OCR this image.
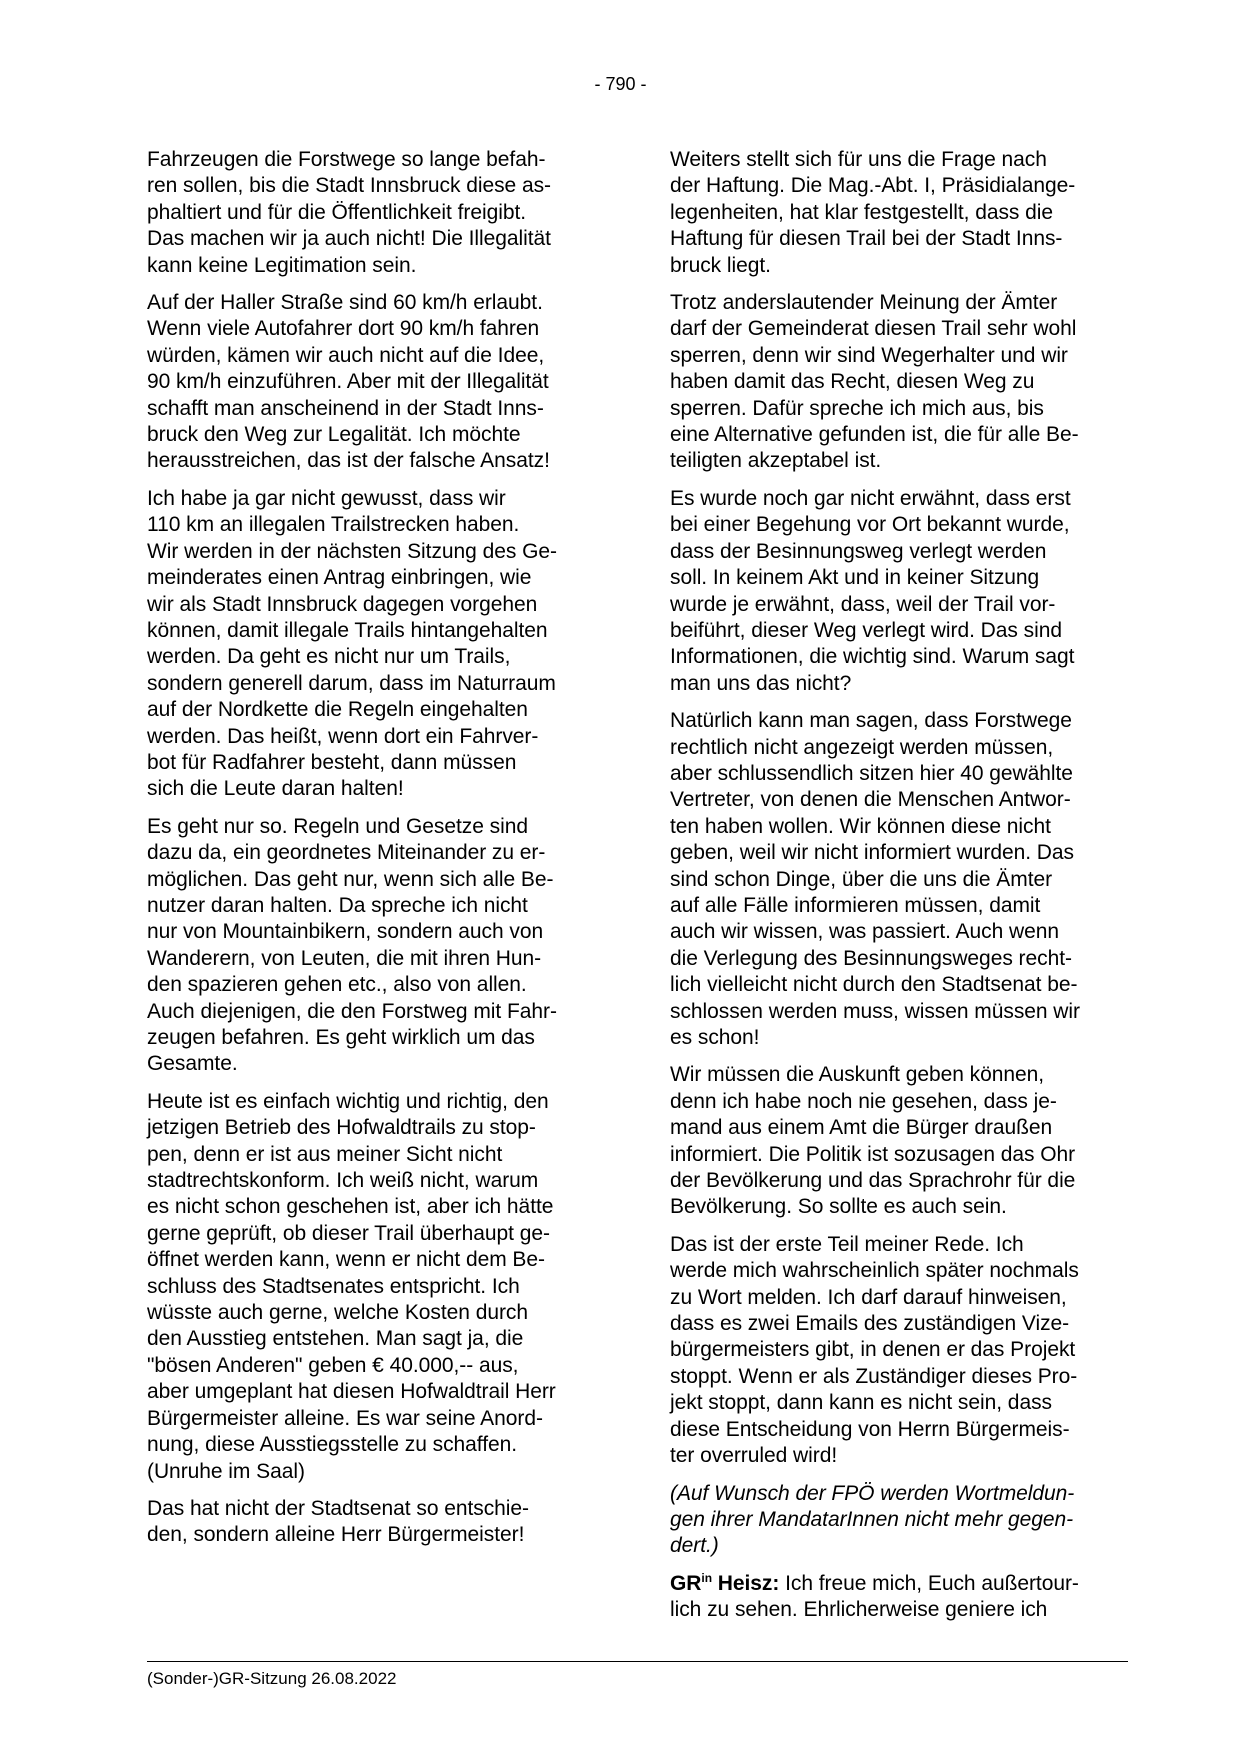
- 790 -

Fahrzeugen die Forstwege so lange befah-
ren sollen, bis die Stadt Innsbruck diese as-
phaltiert und für die Öffentlichkeit freigibt.
Das machen wir ja auch nicht! Die Illegalität
kann keine Legitimation sein.

Auf der Haller Straße sind 60 km/h erlaubt.
Wenn viele Autofahrer dort 90 km/h fahren
würden, kämen wir auch nicht auf die Idee,
90 km/h einzuführen. Aber mit der Illegalität
schafft man anscheinend in der Stadt Inns-
bruck den Weg zur Legalität. Ich möchte
herausstreichen, das ist der falsche Ansatz!

Ich habe ja gar nicht gewusst, dass wir
110 km an illegalen Trailstrecken haben.
Wir werden in der nächsten Sitzung des Ge-
meinderates einen Antrag einbringen, wie
wir als Stadt Innsbruck dagegen vorgehen
können, damit illegale Trails hintangehalten
werden. Da geht es nicht nur um Trails,
sondern generell darum, dass im Naturraum
auf der Nordkette die Regeln eingehalten
werden. Das heißt, wenn dort ein Fahrver-
bot für Radfahrer besteht, dann müssen
sich die Leute daran halten!

Es geht nur so. Regeln und Gesetze sind
dazu da, ein geordnetes Miteinander zu er-
möglichen. Das geht nur, wenn sich alle Be-
nutzer daran halten. Da spreche ich nicht
nur von Mountainbikern, sondern auch von
Wanderern, von Leuten, die mit ihren Hun-
den spazieren gehen etc., also von allen.
Auch diejenigen, die den Forstweg mit Fahr-
zeugen befahren. Es geht wirklich um das
Gesamte.

Heute ist es einfach wichtig und richtig, den
jetzigen Betrieb des Hofwaldtrails zu stop-
pen, denn er ist aus meiner Sicht nicht
stadtrechtskonform. Ich weiß nicht, warum
es nicht schon geschehen ist, aber ich hätte
gerne geprüft, ob dieser Trail überhaupt ge-
öffnet werden kann, wenn er nicht dem Be-
schluss des Stadtsenates entspricht. Ich
wüsste auch gerne, welche Kosten durch
den Ausstieg entstehen. Man sagt ja, die
"bösen Anderen" geben € 40.000,-- aus,
aber umgeplant hat diesen Hofwaldtrail Herr
Bürgermeister alleine. Es war seine Anord-
nung, diese Ausstiegsstelle zu schaffen.
(Unruhe im Saal)

Das hat nicht der Stadtsenat so entschie-
den, sondern alleine Herr Bürgermeister!

Weiters stellt sich für uns die Frage nach
der Haftung. Die Mag.-Abt. I, Präsidialange-
legenheiten, hat klar festgestellt, dass die
Haftung für diesen Trail bei der Stadt Inns-
bruck liegt.

Trotz anderslautender Meinung der Ämter
darf der Gemeinderat diesen Trail sehr wohl
sperren, denn wir sind Wegerhalter und wir
haben damit das Recht, diesen Weg zu
sperren. Dafür spreche ich mich aus, bis
eine Alternative gefunden ist, die für alle Be-
teiligten akzeptabel ist.

Es wurde noch gar nicht erwähnt, dass erst
bei einer Begehung vor Ort bekannt wurde,
dass der Besinnungsweg verlegt werden
soll. In keinem Akt und in keiner Sitzung
wurde je erwähnt, dass, weil der Trail vor-
beiführt, dieser Weg verlegt wird. Das sind
Informationen, die wichtig sind. Warum sagt
man uns das nicht?

Natürlich kann man sagen, dass Forstwege
rechtlich nicht angezeigt werden müssen,
aber schlussendlich sitzen hier 40 gewählte
Vertreter, von denen die Menschen Antwor-
ten haben wollen. Wir können diese nicht
geben, weil wir nicht informiert wurden. Das
sind schon Dinge, über die uns die Ämter
auf alle Fälle informieren müssen, damit
auch wir wissen, was passiert. Auch wenn
die Verlegung des Besinnungsweges recht-
lich vielleicht nicht durch den Stadtsenat be-
schlossen werden muss, wissen müssen wir
es schon!

Wir müssen die Auskunft geben können,
denn ich habe noch nie gesehen, dass je-
mand aus einem Amt die Bürger draußen
informiert. Die Politik ist sozusagen das Ohr
der Bevölkerung und das Sprachrohr für die
Bevölkerung. So sollte es auch sein.

Das ist der erste Teil meiner Rede. Ich
werde mich wahrscheinlich später nochmals
zu Wort melden. Ich darf darauf hinweisen,
dass es zwei Emails des zuständigen Vize-
bürgermeisters gibt, in denen er das Projekt
stoppt. Wenn er als Zuständiger dieses Pro-
jekt stoppt, dann kann es nicht sein, dass
diese Entscheidung von Herrn Bürgermeis-
ter overruled wird!

(Auf Wunsch der FPÖ werden Wortmeldun-
gen ihrer MandatarInnen nicht mehr gegen-
dert.)

$GR^{in}$ Heisz: Ich freue mich, Euch außertour-
lich zu sehen. Ehrlicherweise geniere ich

(Sonder-)GR-Sitzung 26.08.2022
